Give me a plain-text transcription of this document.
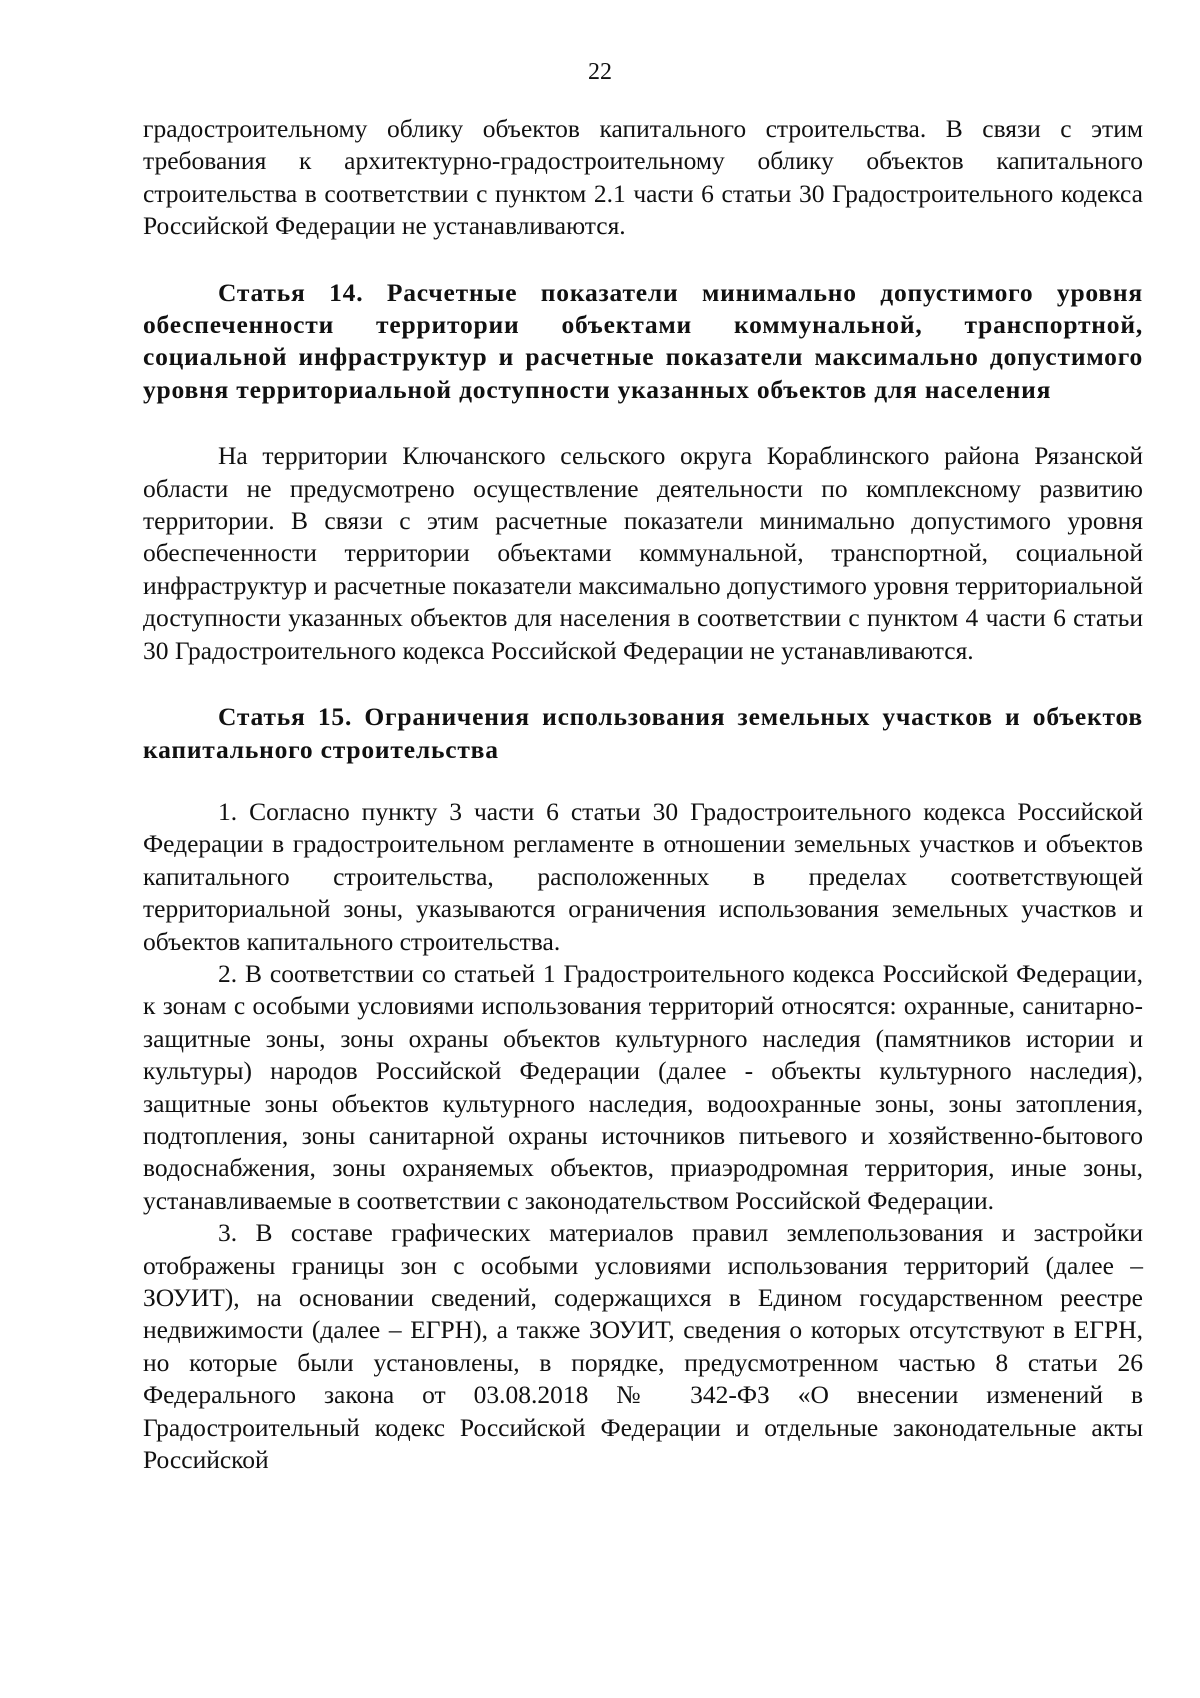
22

градостроительному облику объектов капитального строительства. В связи с этим требования к архитектурно-градостроительному облику объектов капитального строительства в соответствии с пунктом 2.1 части 6 статьи 30 Градостроительного кодекса Российской Федерации не устанавливаются.

Статья 14. Расчетные показатели минимально допустимого уровня обеспеченности территории объектами коммунальной, транспортной, социальной инфраструктур и расчетные показатели максимально допустимого уровня территориальной доступности указанных объектов для населения

На территории Ключанского сельского округа Кораблинского района Рязанской области не предусмотрено осуществление деятельности по комплексному развитию территории. В связи с этим расчетные показатели минимально допустимого уровня обеспеченности территории объектами коммунальной, транспортной, социальной инфраструктур и расчетные показатели максимально допустимого уровня территориальной доступности указанных объектов для населения в соответствии с пунктом 4 части 6 статьи 30 Градостроительного кодекса Российской Федерации не устанавливаются.

Статья 15. Ограничения использования земельных участков и объектов капитального строительства

1. Согласно пункту 3 части 6 статьи 30 Градостроительного кодекса Российской Федерации в градостроительном регламенте в отношении земельных участков и объектов капитального строительства, расположенных в пределах соответствующей территориальной зоны, указываются ограничения использования земельных участков и объектов капитального строительства.

2. В соответствии со статьей 1 Градостроительного кодекса Российской Федерации, к зонам с особыми условиями использования территорий относятся: охранные, санитарно-защитные зоны, зоны охраны объектов культурного наследия (памятников истории и культуры) народов Российской Федерации (далее - объекты культурного наследия), защитные зоны объектов культурного наследия, водоохранные зоны, зоны затопления, подтопления, зоны санитарной охраны источников питьевого и хозяйственно-бытового водоснабжения, зоны охраняемых объектов, приаэродромная территория, иные зоны, устанавливаемые в соответствии с законодательством Российской Федерации.

3. В составе графических материалов правил землепользования и застройки отображены границы зон с особыми условиями использования территорий (далее – ЗОУИТ), на основании сведений, содержащихся в Едином государственном реестре недвижимости (далее – ЕГРН), а также ЗОУИТ, сведения о которых отсутствуют в ЕГРН, но которые были установлены, в порядке, предусмотренном частью 8 статьи 26 Федерального закона от 03.08.2018 № 342-ФЗ «О внесении изменений в Градостроительный кодекс Российской Федерации и отдельные законодательные акты Российской
